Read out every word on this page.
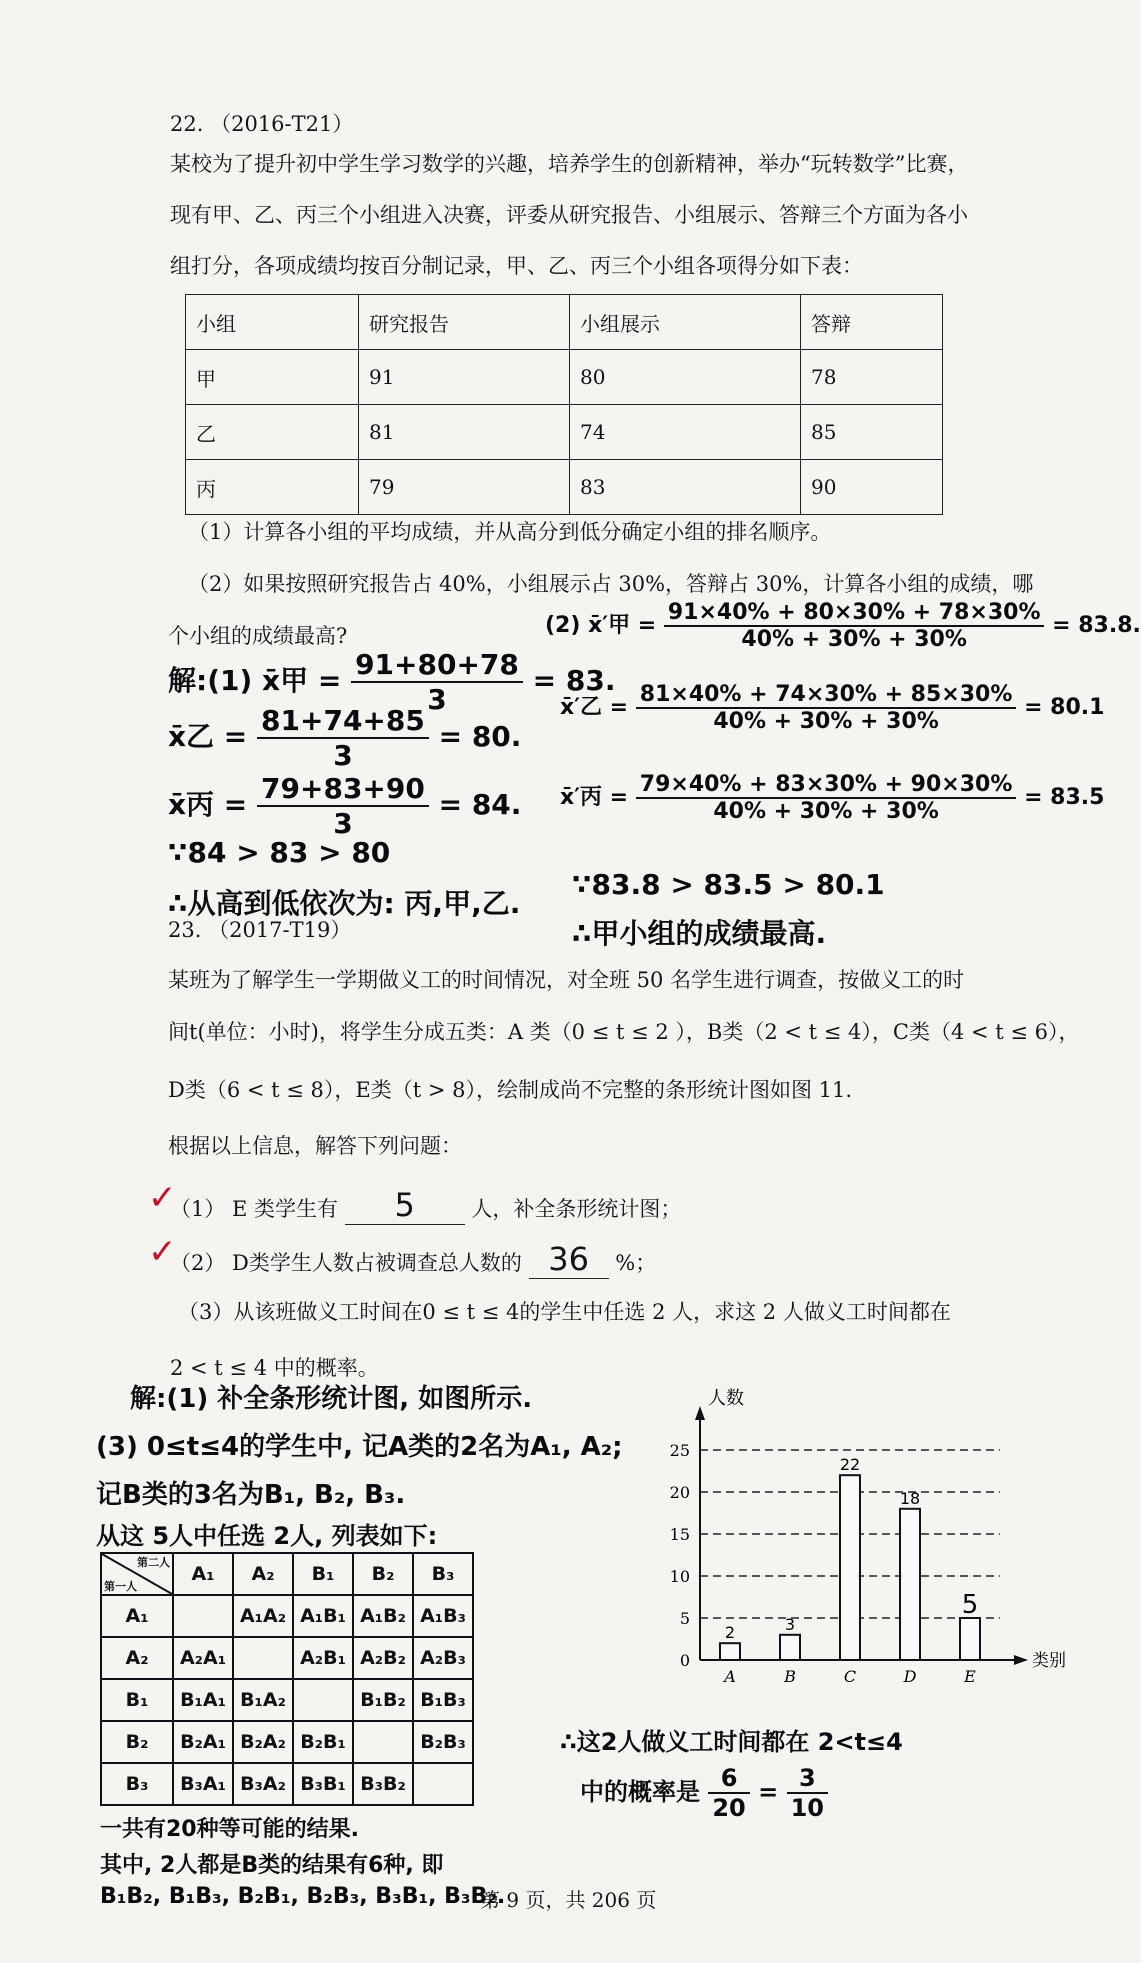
22. （2016-T21）
某校为了提升初中学生学习数学的兴趣，培养学生的创新精神，举办“玩转数学”比赛，
现有甲、乙、丙三个小组进入决赛，评委从研究报告、小组展示、答辩三个方面为各小
组打分，各项成绩均按百分制记录，甲、乙、丙三个小组各项得分如下表：
小组	研究报告	小组展示	答辩
甲	91	80	78
乙	81	74	85
丙	79	83	90
（1）计算各小组的平均成绩，并从高分到低分确定小组的排名顺序。
（2）如果按照研究报告占 40%，小组展示占 30%，答辩占 30%，计算各小组的成绩，哪
个小组的成绩最高?
解:(1) x̄甲 = $\frac{91+80+78}{3} = 83$.
x̄乙 = $\frac{81+74+85}{3} = 80$.
x̄丙 = $\frac{79+83+90}{3} = 84$.
∵84 > 83 > 80
∴从高到低依次为: 丙,甲,乙.
(2) x̄′甲 = $\frac{91\times 40\% + 80\times 30\% + 78\times 30\%}{40\% + 30\% + 30\%} = 83.8$.
x̄′乙 = $\frac{81\times 40\% + 74\times 30\% + 85\times 30\%}{40\% + 30\% + 30\%} = 80.1$
x̄′丙 = $\frac{79\times 40\% + 83\times 30\% + 90\times 30\%}{40\% + 30\% + 30\%} = 83.5$
∵83.8 > 83.5 > 80.1
∴甲小组的成绩最高.
23. （2017-T19）
某班为了解学生一学期做义工的时间情况，对全班 50 名学生进行调查，按做义工的时
间t(单位：小时)，将学生分成五类：A 类（0 ≤ t ≤ 2 ），B类（2 < t ≤ 4），C类（4 < t ≤ 6），
D类（6 < t ≤ 8），E类（t > 8），绘制成尚不完整的条形统计图如图 11.
根据以上信息，解答下列问题：
✓
（1） E 类学生有 5	人，补全条形统计图；
✓
（2） D类学生人数占被调查总人数的 36 %；
（3）从该班做义工时间在0 ≤ t ≤ 4的学生中任选 2 人，求这 2 人做义工时间都在
2 < t ≤ 4 中的概率。
解:(1) 补全条形统计图, 如图所示.
(3) 0≤t≤4的学生中, 记A类的2名为A₁, A₂;
记B类的3名为B₁, B₂, B₃.
从这 5人中任选 2人, 列表如下:
第二人
第一人	A₁	A₂	B₁	B₂	B₃
A₁		A₁A₂	A₁B₁	A₁B₂	A₁B₃
A₂	A₂A₁		A₂B₁	A₂B₂	A₂B₃
B₁	B₁A₁	B₁A₂		B₁B₂	B₁B₃
B₂	B₂A₁	B₂A₂	B₂B₁		B₂B₃
B₃	B₃A₁	B₃A₂	B₃B₁	B₃B₂	
一共有20种等可能的结果.
其中, 2人都是B类的结果有6种, 即
B₁B₂, B₁B₃, B₂B₁, B₂B₃, B₃B₁, B₃B₂.
∴这2人做义工时间都在 2<t≤4
中的概率是 $\frac{6}{20} = \frac{3}{10}$
0
5
10
15
20
25
人数
类别
2
A
3
B
22
C
18
D
5
E
第 9 页，共 206 页
